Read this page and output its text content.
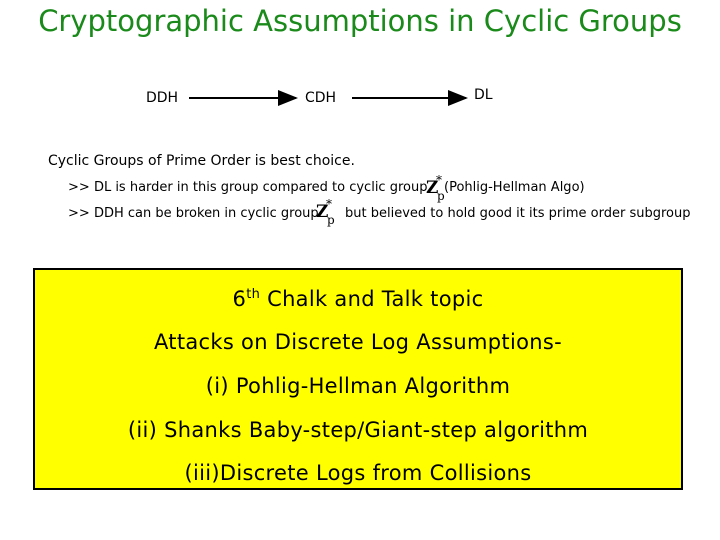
Cryptographic Assumptions in Cyclic Groups
DDH	CDH	DL
Cyclic Groups of Prime Order is best choice.
>> DL is harder in this group compared to cyclic group
Z
*
p
(Pohlig-Hellman Algo)
>> DDH can be broken in cyclic group
Z
*
p but believed to hold good it its prime order subgroup
6th Chalk and Talk topic
Attacks on Discrete Log Assumptions-
(i) Pohlig-Hellman Algorithm
(ii) Shanks Baby-step/Giant-step algorithm
(iii)Discrete Logs from Collisions
